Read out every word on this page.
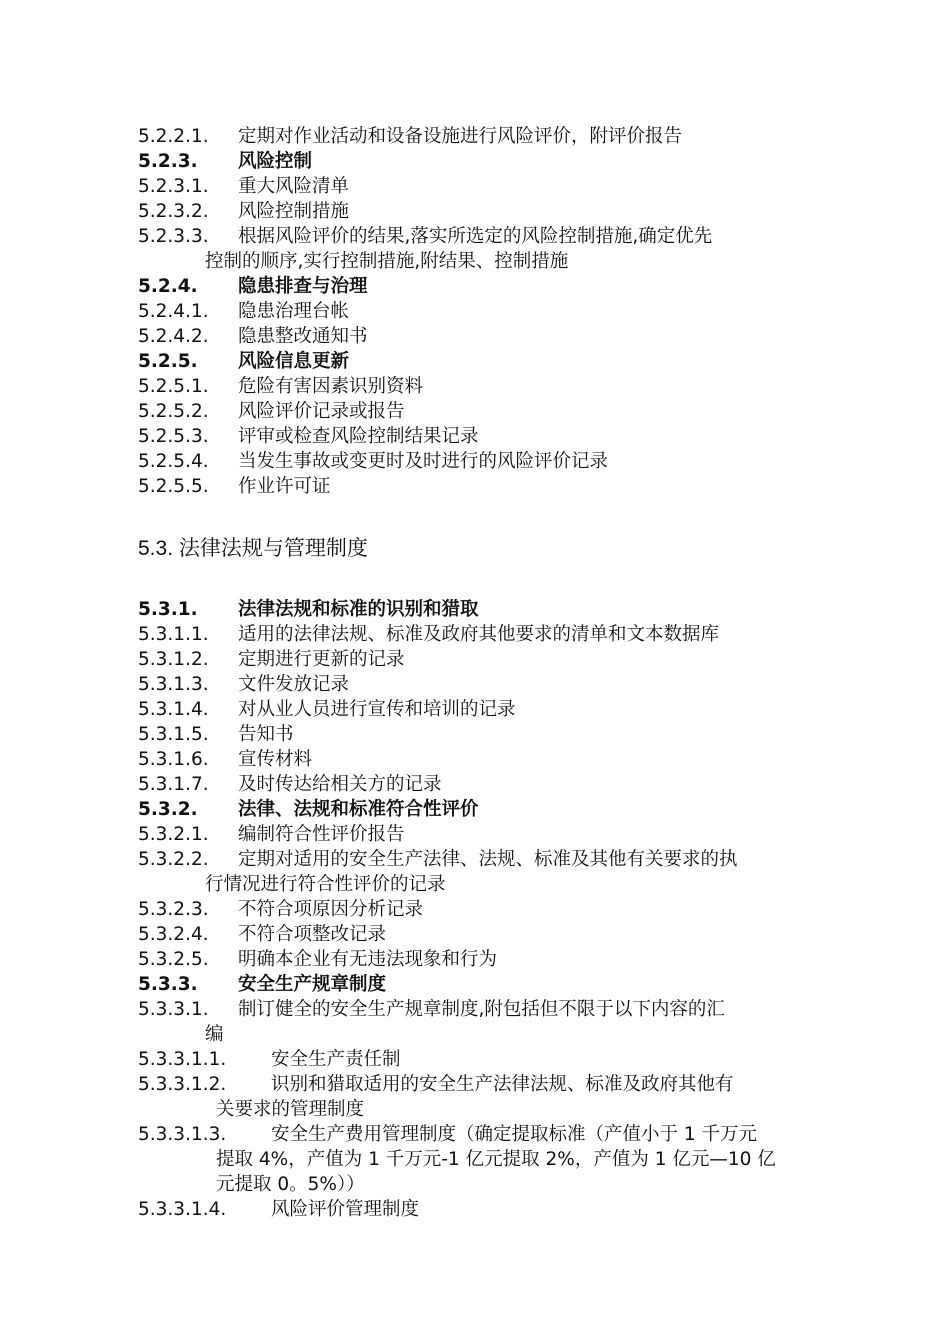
5.2.2.1. 定期对作业活动和设备设施进行风险评价，附评价报告
5.2.3. 风险控制
5.2.3.1. 重大风险清单
5.2.3.2. 风险控制措施
5.2.3.3. 根据风险评价的结果,落实所选定的风险控制措施,确定优先
控制的顺序,实行控制措施,附结果、控制措施
5.2.4. 隐患排查与治理
5.2.4.1. 隐患治理台帐
5.2.4.2. 隐患整改通知书
5.2.5. 风险信息更新
5.2.5.1. 危险有害因素识别资料
5.2.5.2. 风险评价记录或报告
5.2.5.3. 评审或检查风险控制结果记录
5.2.5.4. 当发生事故或变更时及时进行的风险评价记录
5.2.5.5. 作业许可证
5.3. 法律法规与管理制度
5.3.1. 法律法规和标准的识别和猎取
5.3.1.1. 适用的法律法规、标准及政府其他要求的清单和文本数据库
5.3.1.2. 定期进行更新的记录
5.3.1.3. 文件发放记录
5.3.1.4. 对从业人员进行宣传和培训的记录
5.3.1.5. 告知书
5.3.1.6. 宣传材料
5.3.1.7. 及时传达给相关方的记录
5.3.2. 法律、法规和标准符合性评价
5.3.2.1. 编制符合性评价报告
5.3.2.2. 定期对适用的安全生产法律、法规、标准及其他有关要求的执
行情况进行符合性评价的记录
5.3.2.3. 不符合项原因分析记录
5.3.2.4. 不符合项整改记录
5.3.2.5. 明确本企业有无违法现象和行为
5.3.3. 安全生产规章制度
5.3.3.1. 制订健全的安全生产规章制度,附包括但不限于以下内容的汇
编
5.3.3.1.1. 安全生产责任制
5.3.3.1.2. 识别和猎取适用的安全生产法律法规、标准及政府其他有
关要求的管理制度
5.3.3.1.3. 安全生产费用管理制度（确定提取标准（产值小于 1 千万元
提取 4%，产值为 1 千万元-1 亿元提取 2%，产值为 1 亿元—10 亿
元提取 0。5%））
5.3.3.1.4. 风险评价管理制度
